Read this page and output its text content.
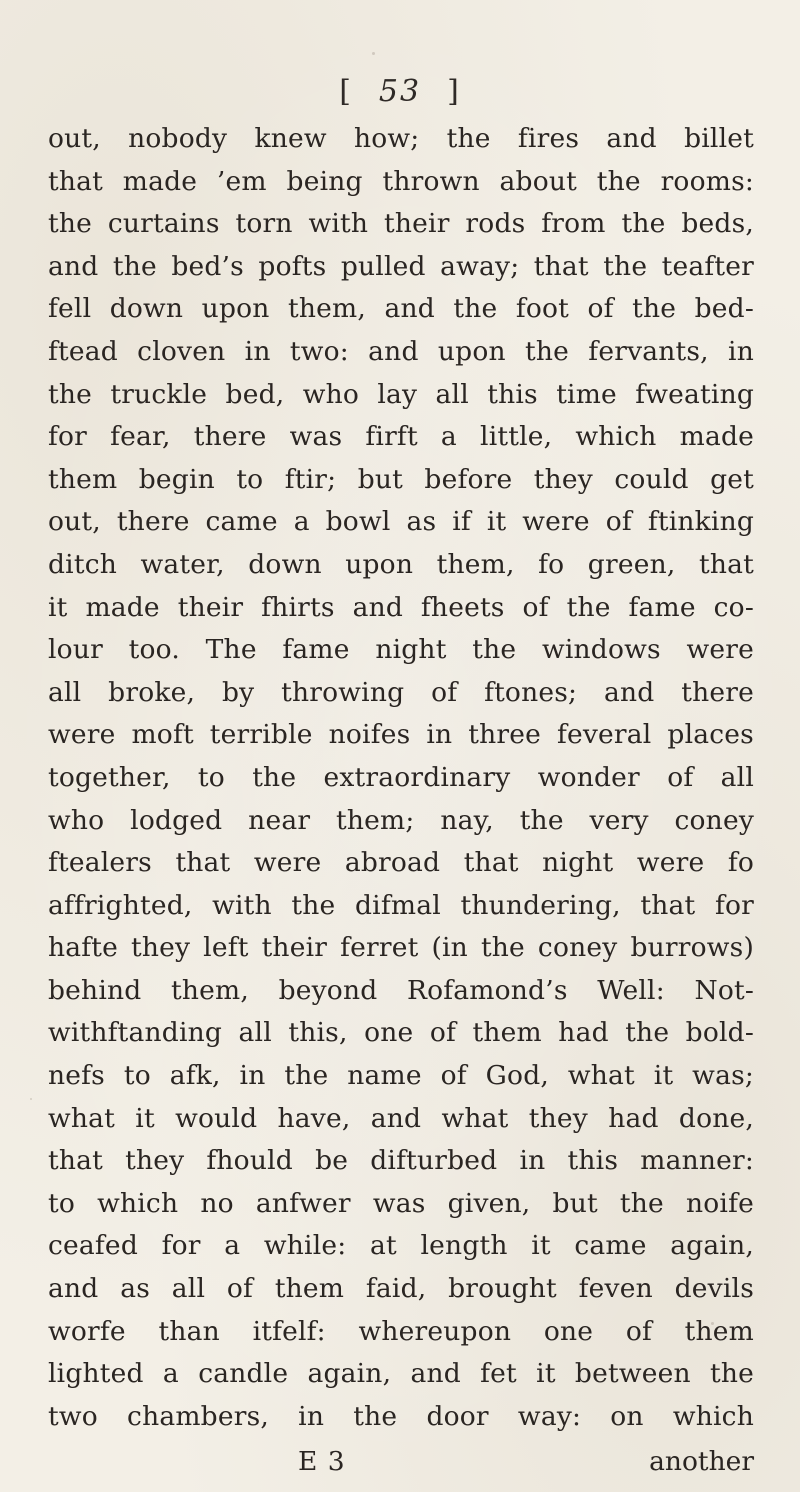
[ 53 ]
out, nobody knew how; the fires and billet
that made ’em being thrown about the rooms:
the curtains torn with their rods from the beds,
and the bed’s pofts pulled away; that the teafter
fell down upon them, and the foot of the bed-
ftead cloven in two: and upon the fervants, in
the truckle bed, who lay all this time fweating
for fear, there was firft a little, which made
them begin to ftir; but before they could get
out, there came a bowl as if it were of ftinking
ditch water, down upon them, fo green, that
it made their fhirts and fheets of the fame co-
lour too. The fame night the windows were
all broke, by throwing of ftones; and there
were moft terrible noifes in three feveral places
together, to the extraordinary wonder of all
who lodged near them; nay, the very coney
ftealers that were abroad that night were fo
affrighted, with the difmal thundering, that for
hafte they left their ferret (in the coney burrows)
behind them, beyond Rofamond’s Well: Not-
withftanding all this, one of them had the bold-
nefs to afk, in the name of God, what it was;
what it would have, and what they had done,
that they fhould be difturbed in this manner:
to which no anfwer was given, but the noife
ceafed for a while: at length it came again,
and as all of them faid, brought feven devils
worfe than itfelf: whereupon one of them
lighted a candle again, and fet it between the
two chambers, in the door way: on which
E 3	another
